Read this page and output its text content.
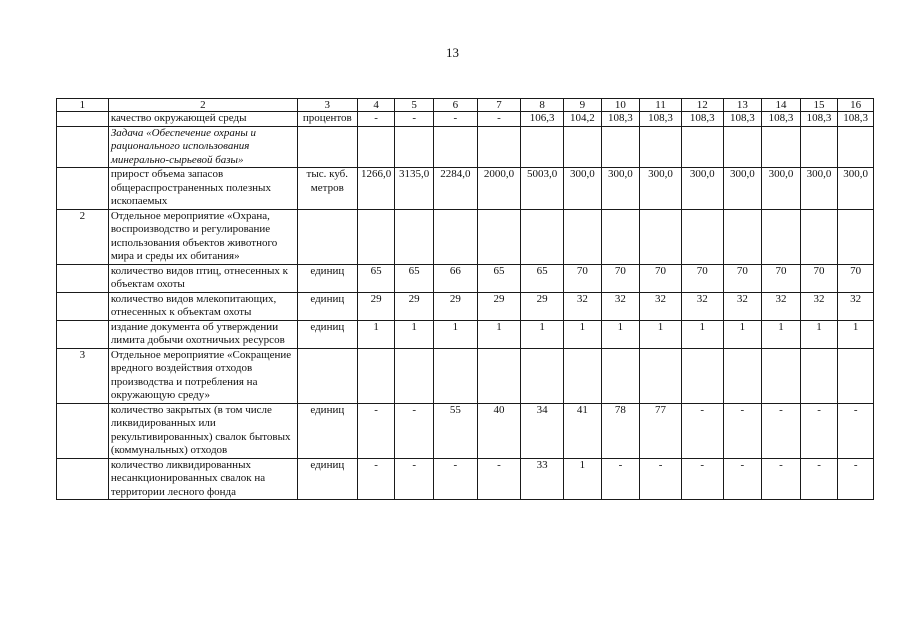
13
1	2	3	4	5	6	7	8	9	10	11	12	13	14	15	16
	качество окружающей среды	процентов	-	-	-	-	106,3	104,2	108,3	108,3	108,3	108,3	108,3	108,3	108,3
	Задача «Обеспечение охраны и рационального использования минерально-сырьевой базы»														
	прирост объема запасов общераспространенных полезных ископаемых	тыс. куб. метров	1266,0	3135,0	2284,0	2000,0	5003,0	300,0	300,0	300,0	300,0	300,0	300,0	300,0	300,0
2	Отдельное мероприятие «Охрана, воспроизводство и регулирование использования объектов животного мира и среды их обитания»														
	количество видов птиц, отнесенных к объектам охоты	единиц	65	65	66	65	65	70	70	70	70	70	70	70	70
	количество видов млекопитающих, отнесенных к объектам охоты	единиц	29	29	29	29	29	32	32	32	32	32	32	32	32
	издание документа об утверждении лимита добычи охотничьих ресурсов	единиц	1	1	1	1	1	1	1	1	1	1	1	1	1
3	Отдельное мероприятие «Сокращение вредного воздействия отходов производства и потребления на окружающую среду»														
	количество закрытых (в том числе ликвидированных или рекультивированных) свалок бытовых (коммунальных) отходов	единиц	-	-	55	40	34	41	78	77	-	-	-	-	-
	количество ликвидированных несанкционированных свалок на территории лесного фонда	единиц	-	-	-	-	33	1	-	-	-	-	-	-	-
